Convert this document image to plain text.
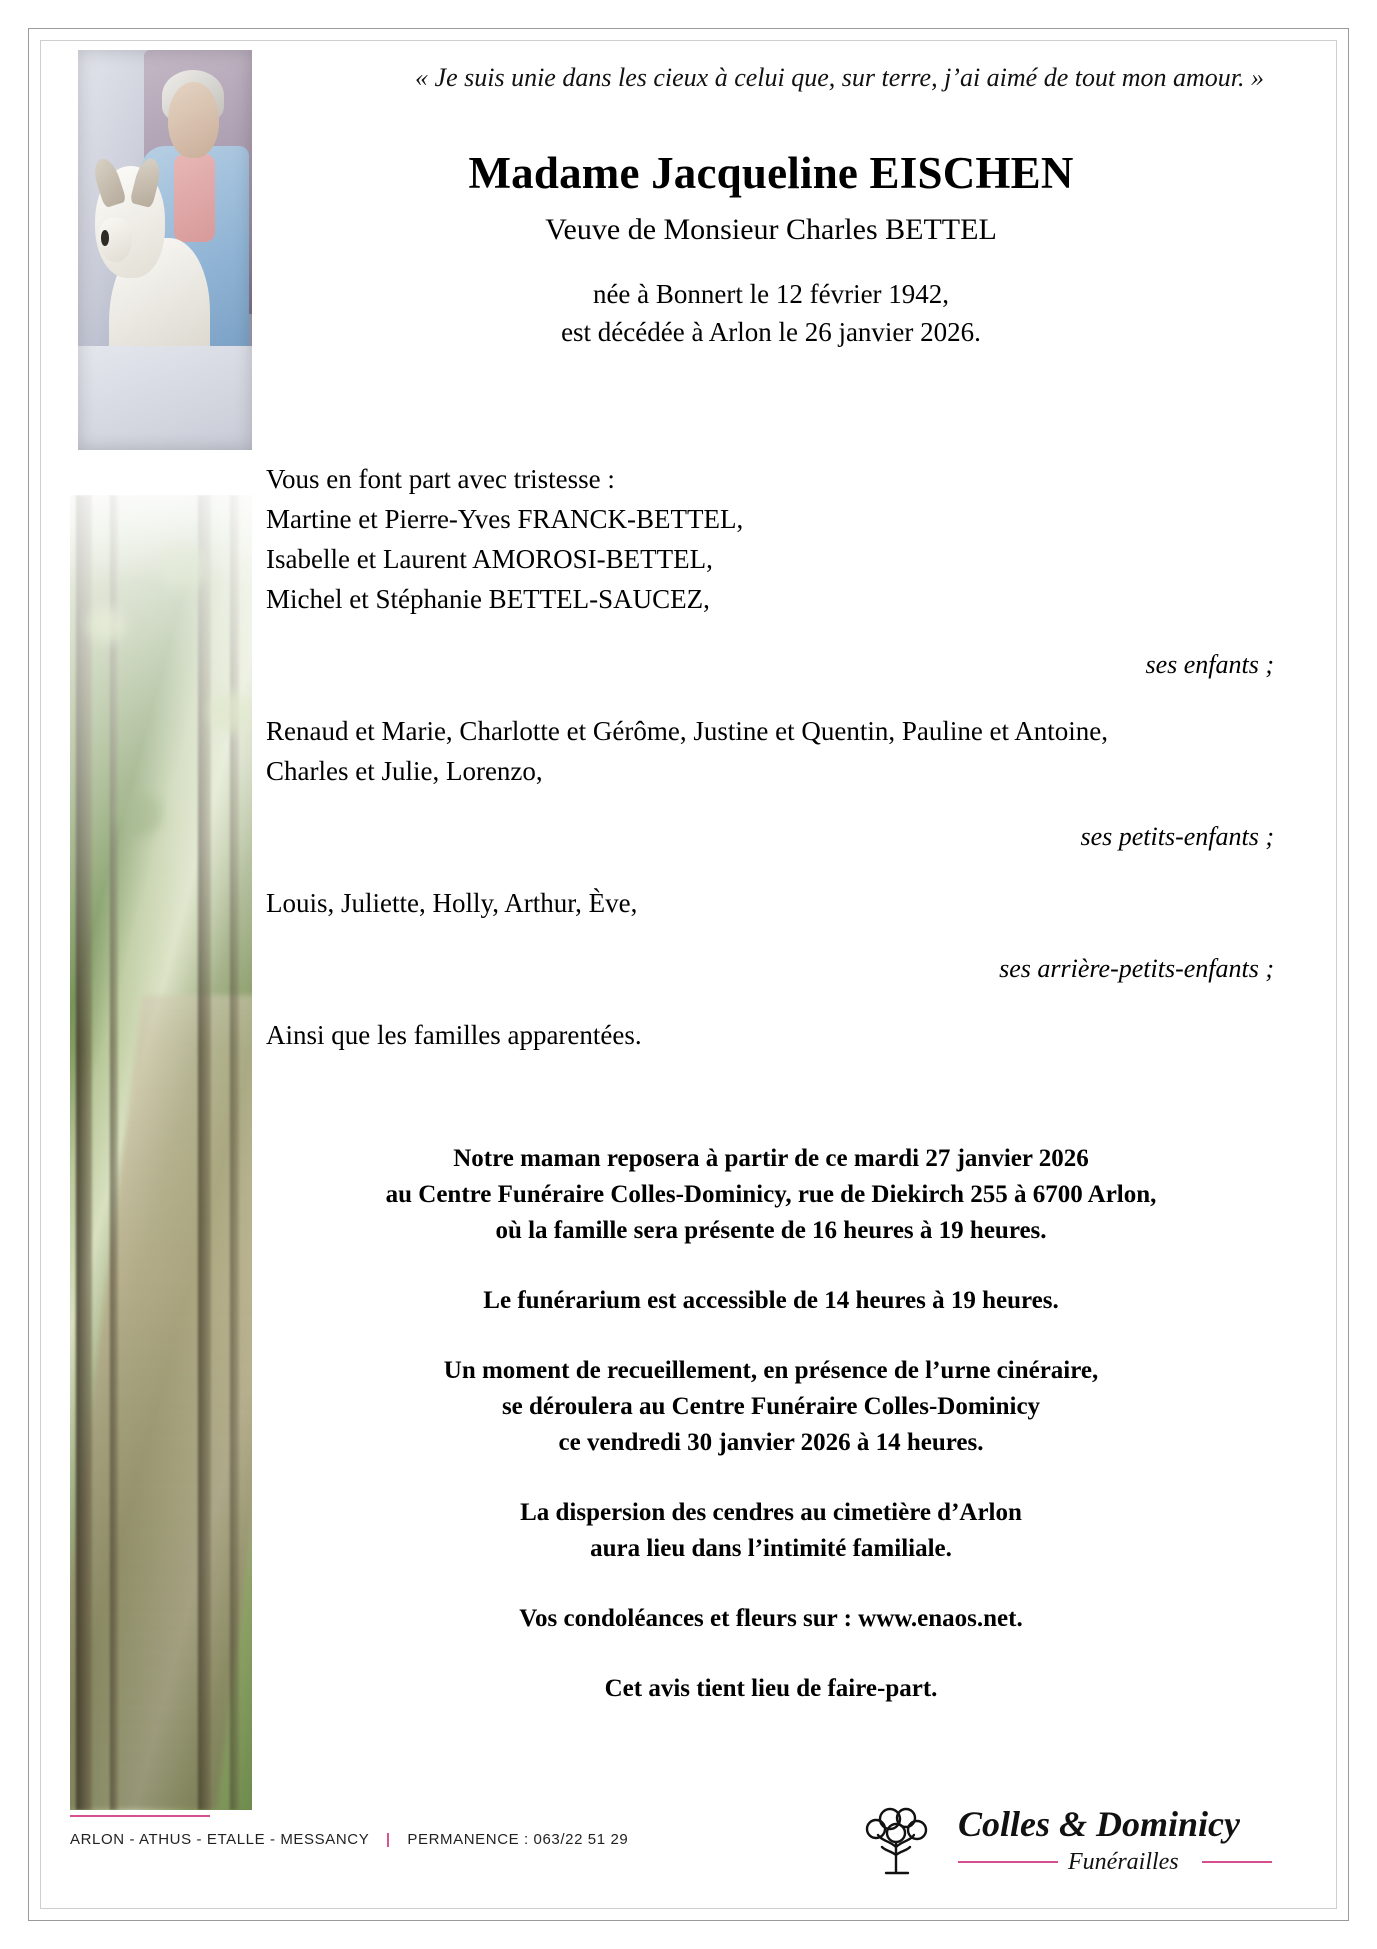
« Je suis unie dans les cieux à celui que, sur terre, j’ai aimé de tout mon amour. »
Madame Jacqueline EISCHEN
Veuve de Monsieur Charles BETTEL
née à Bonnert le 12 février 1942,
est décédée à Arlon le 26 janvier 2026.
Vous en font part avec tristesse :
Martine et Pierre-Yves FRANCK-BETTEL,
Isabelle et Laurent AMOROSI-BETTEL,
Michel et Stéphanie BETTEL-SAUCEZ,
ses enfants ;
Renaud et Marie, Charlotte et Gérôme, Justine et Quentin, Pauline et Antoine,
Charles et Julie, Lorenzo,
ses petits-enfants ;
Louis, Juliette, Holly, Arthur, Ève,
ses arrière-petits-enfants ;
Ainsi que les familles apparentées.
Notre maman reposera à partir de ce mardi 27 janvier 2026
au Centre Funéraire Colles-Dominicy, rue de Diekirch 255 à 6700 Arlon,
où la famille sera présente de 16 heures à 19 heures.
Le funérarium est accessible de 14 heures à 19 heures.
Un moment de recueillement, en présence de l’urne cinéraire,
se déroulera au Centre Funéraire Colles-Dominicy
ce vendredi 30 janvier 2026 à 14 heures.
La dispersion des cendres au cimetière d’Arlon
aura lieu dans l’intimité familiale.
Vos condoléances et fleurs sur : www.enaos.net.
Cet avis tient lieu de faire-part.
ARLON - ATHUS - ETALLE - MESSANCY | PERMANENCE : 063/22 51 29	Colles & Dominicy
Funérailles
